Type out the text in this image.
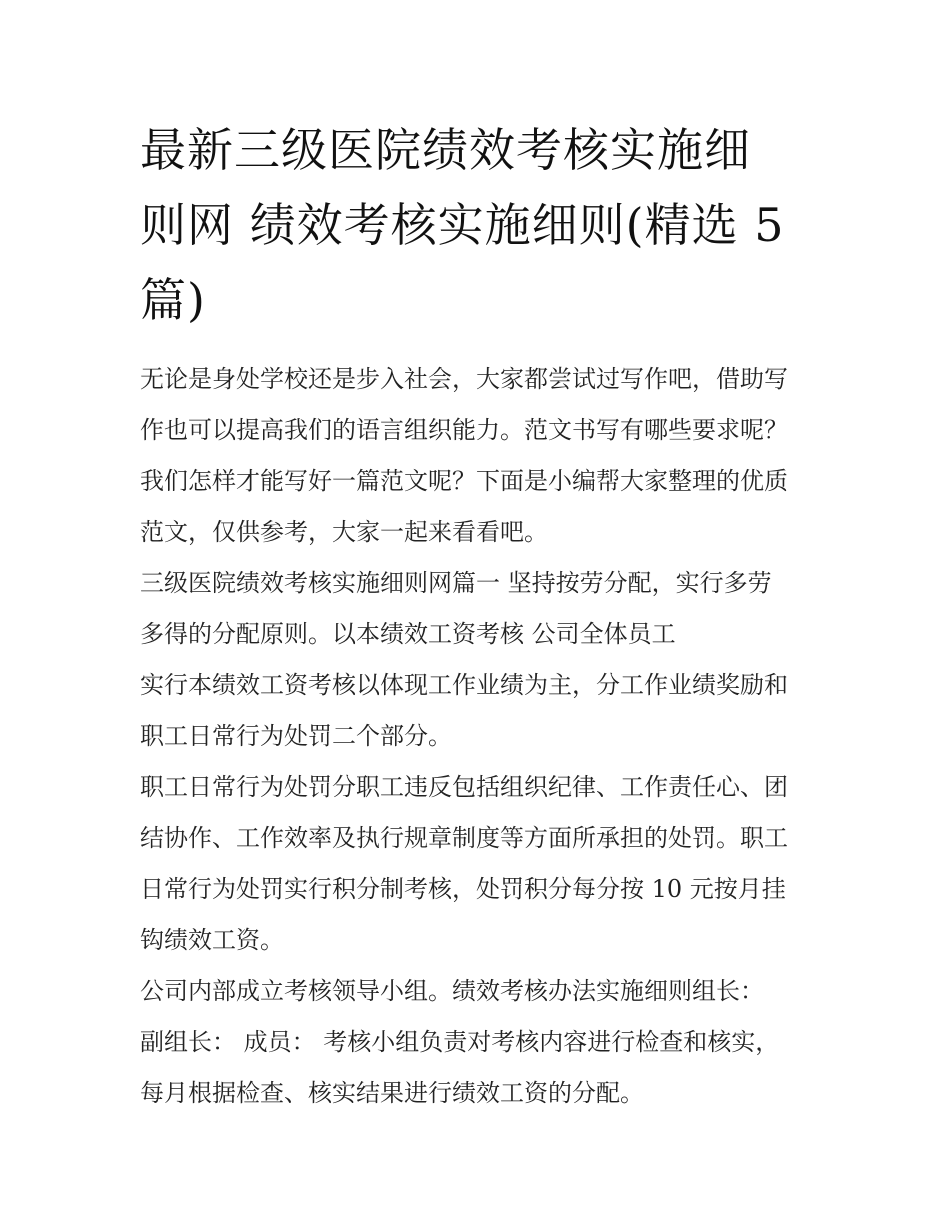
最新三级医院绩效考核实施细
则网 绩效考核实施细则(精选 5
篇)

无论是身处学校还是步入社会，大家都尝试过写作吧，借助写
作也可以提高我们的语言组织能力。范文书写有哪些要求呢？
我们怎样才能写好一篇范文呢？下面是小编帮大家整理的优质
范文，仅供参考，大家一起来看看吧。

三级医院绩效考核实施细则网篇一 坚持按劳分配，实行多劳
多得的分配原则。以本绩效工资考核 公司全体员工

实行本绩效工资考核以体现工作业绩为主，分工作业绩奖励和
职工日常行为处罚二个部分。

职工日常行为处罚分职工违反包括组织纪律、工作责任心、团
结协作、工作效率及执行规章制度等方面所承担的处罚。职工
日常行为处罚实行积分制考核，处罚积分每分按 10 元按月挂
钩绩效工资。

公司内部成立考核领导小组。绩效考核办法实施细则组长：
副组长： 成员： 考核小组负责对考核内容进行检查和核实，
每月根据检查、核实结果进行绩效工资的分配。
